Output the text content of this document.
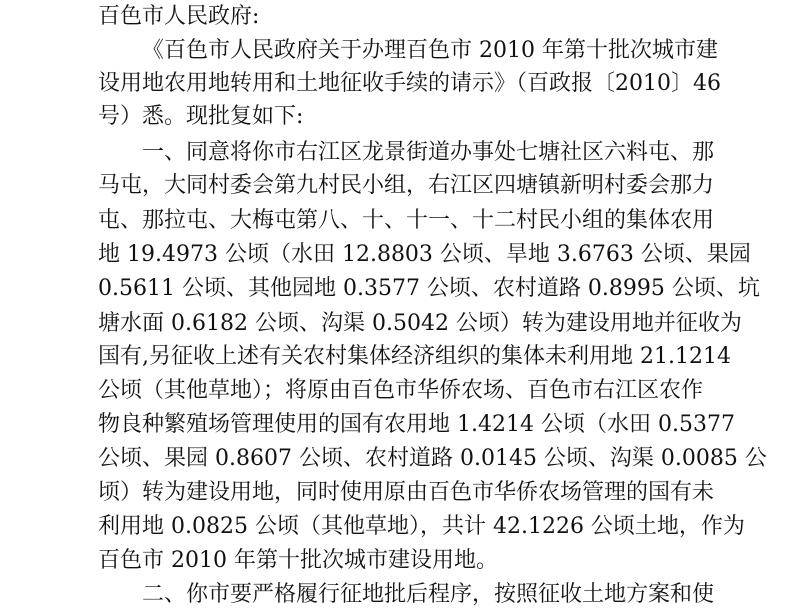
百色市人民政府:
《百色市人民政府关于办理百色市 2010 年第十批次城市建
设用地农用地转用和土地征收手续的请示》（百政报〔2010〕46
号）悉。现批复如下:
一、同意将你市右江区龙景街道办事处七塘社区六料屯、那
马屯，大同村委会第九村民小组，右江区四塘镇新明村委会那力
屯、那拉屯、大梅屯第八、十、十一、十二村民小组的集体农用
地 19.4973 公顷（水田 12.8803 公顷、旱地 3.6763 公顷、果园
0.5611 公顷、其他园地 0.3577 公顷、农村道路 0.8995 公顷、坑
塘水面 0.6182 公顷、沟渠 0.5042 公顷）转为建设用地并征收为
国有,另征收上述有关农村集体经济组织的集体未利用地 21.1214
公顷（其他草地）；将原由百色市华侨农场、百色市右江区农作
物良种繁殖场管理使用的国有农用地 1.4214 公顷（水田 0.5377
公顷、果园 0.8607 公顷、农村道路 0.0145 公顷、沟渠 0.0085 公
顷）转为建设用地，同时使用原由百色市华侨农场管理的国有未
利用地 0.0825 公顷（其他草地），共计 42.1226 公顷土地，作为
百色市 2010 年第十批次城市建设用地。
二、你市要严格履行征地批后程序，按照征收土地方案和使
